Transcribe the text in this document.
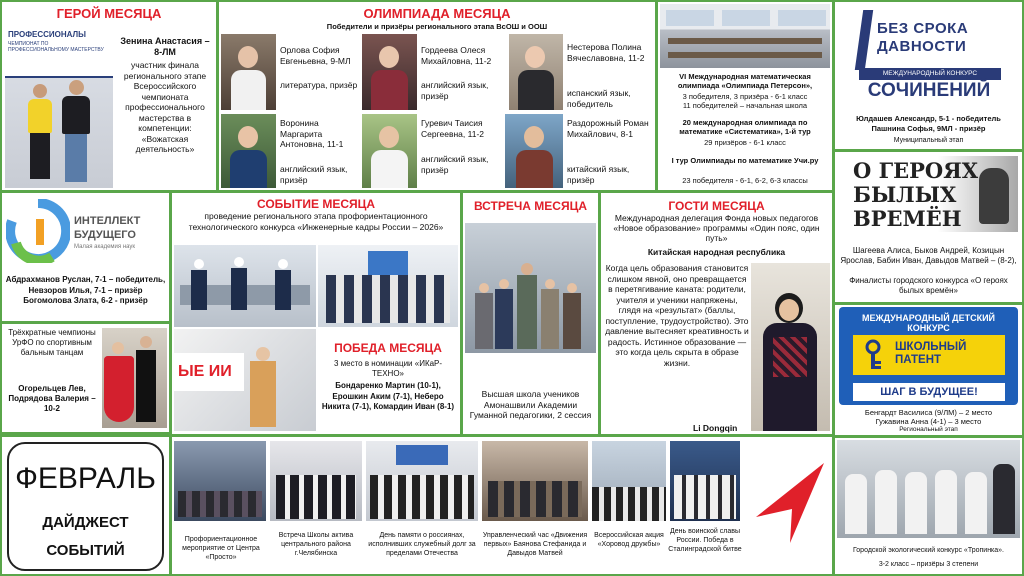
ГЕРОЙ МЕСЯЦА
ПРОФЕССИОНАЛЫ
ЧЕМПИОНАТ ПО ПРОФЕССИОНАЛЬНОМУ МАСТЕРСТВУ
Зенина Анастасия – 8-ЛМ
участник финала регионального этапе Всероссийского чемпионата профессионального мастерства в компетенции: «Вожатская деятельность»
ОЛИМПИАДА МЕСЯЦА
Победители и призёры регионального этапа ВсОШ и ООШ
Орлова София Евгеньевна, 9-МЛ
литература, призёр
Гордеева Олеся Михайловна, 11-2
английский язык, призёр
Нестерова Полина Вячеславовна, 11-2
испанский язык, победитель
Воронина Маргарита Антоновна, 11-1
английский язык, призёр
Гуревич Таисия Сергеевна, 11-2
английский язык, призёр
Раздорожный Роман Михайлович, 8-1
китайский язык, призёр
VI Международная математическая олимпиада «Олимпиада Петерсон»,
3 победителя, 3 призёра - 6-1 класс
11 победителей – начальная школа
20 международная олимпиада по математике «Систематика», 1-й тур
29 призёров - 6-1 класс
I тур Олимпиады по математике Учи.ру
23 победителя - 6-1, 6-2, 6-3 классы
БЕЗ СРОКА
ДАВНОСТИ
МЕЖДУНАРОДНЫЙ КОНКУРС
СОЧИНЕНИЙ
Юлдашев Александр, 5-1 - победитель
Пашнина Софья, 9МЛ - призёр
Муниципальный этап
ИНТЕЛЛЕКТ
БУДУЩЕГО
Малая академия наук
Абдрахманов Руслан, 7-1 – победитель, Невзоров Илья, 7-1 – призёр Богомолова Злата, 6-2 - призёр
Трёхкратные чемпионы УрФО по спортивным бальным танцам
Огорельцев Лев, Подрядова Валерия – 10-2
СОБЫТИЕ МЕСЯЦА
проведение регионального этапа профориентационного технологического конкурса «Инженерные кадры России – 2026»
ЫЕ ИИ
ПОБЕДА МЕСЯЦА
3 место в номинации «ИКаР-ТЕХНО»
Бондаренко Мартин (10-1), Ерошкин Аким (7-1), Неберо Никита (7-1), Комардин Иван (8-1)
ВСТРЕЧА МЕСЯЦА
Высшая школа учеников Амонашвили Академии Гуманной педагогики, 2 сессия
ГОСТИ МЕСЯЦА
Международная делегация Фонда новых педагогов «Новое образование» программы «Один пояс, один путь»
Китайская народная республика
Когда цель образования становится слишком явной, оно превращается в перетягивание каната: родители, учителя и ученики напряжены, глядя на «результат» (баллы, поступление, трудоустройство). Это давление вытесняет креативность и радость. Истинное образование — это когда цель скрыта в образе жизни.
Li Dongqin
О ГЕРОЯХ
БЫЛЫХ
ВРЕМЁН
Шагеева Алиса, Быков Андрей, Козицын Ярослав, Бабин Иван, Давыдов Матвей – (8-2),
Финалисты городского конкурса «О героях былых времён»
МЕЖДУНАРОДНЫЙ ДЕТСКИЙ
КОНКУРС
ШКОЛЬНЫЙ ПАТЕНТ
ШАГ В БУДУЩЕЕ!
Бенгардт Василиса (9/ЛМ) – 2 место
Гужавина Анна (4-1) – 3 место
Региональный этап
ФЕВРАЛЬ
ДАЙДЖЕСТ
СОБЫТИЙ
Профориентационное мероприятие от Центра «Просто»
Встреча Школы актива центрального района г.Челябинска
День памяти о россиянах, исполнивших служебный долг за пределами Отечества
Управленческий час «Движения первых» Баянова Стефанида и Давыдов Матвей
Всероссийская акция «Хоровод дружбы»
День воинской славы России. Победа в Сталинградской битве	Городской экологический конкурс «Тропинка».
3-2 класс – призёры 3 степени
